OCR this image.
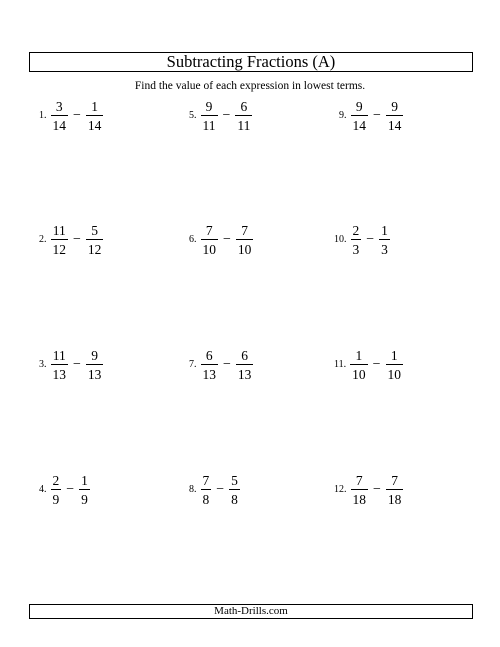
Subtracting Fractions (A)
Find the value of each expression in lowest terms.
1. $\frac{3}{14} - \frac{1}{14}$
2. $\frac{11}{12} - \frac{5}{12}$
3. $\frac{11}{13} - \frac{9}{13}$
4. $\frac{2}{9} - \frac{1}{9}$
5. $\frac{9}{11} - \frac{6}{11}$
6. $\frac{7}{10} - \frac{7}{10}$
7. $\frac{6}{13} - \frac{6}{13}$
8. $\frac{7}{8} - \frac{5}{8}$
9. $\frac{9}{14} - \frac{9}{14}$
10. $\frac{2}{3} - \frac{1}{3}$
11. $\frac{1}{10} - \frac{1}{10}$
12. $\frac{7}{18} - \frac{7}{18}$
Math-Drills.com
